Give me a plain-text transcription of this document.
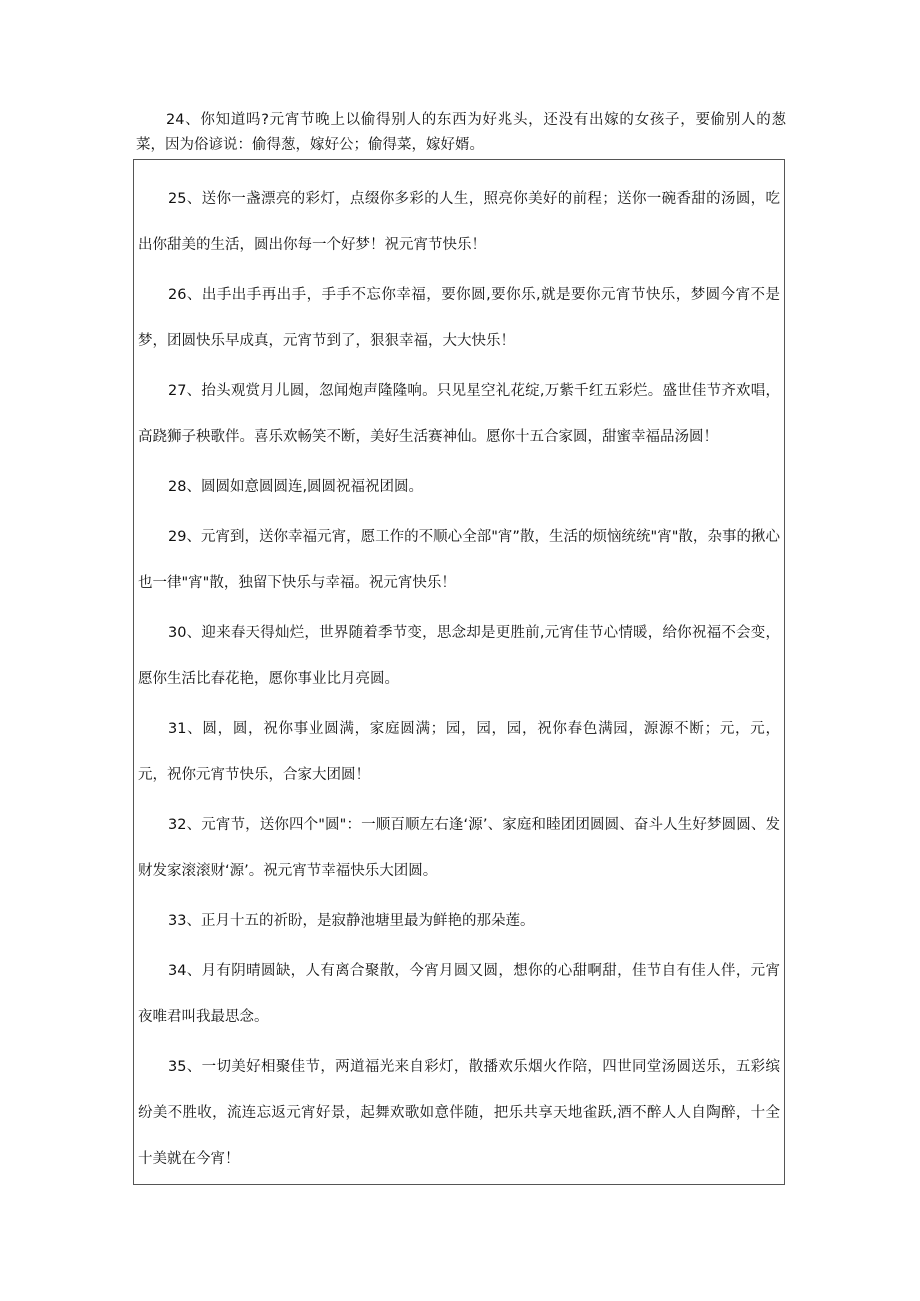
24、你知道吗?元宵节晚上以偷得别人的东西为好兆头，还没有出嫁的女孩子，要偷别人的葱菜，因为俗谚说：偷得葱，嫁好公；偷得菜，嫁好婿。

25、送你一盏漂亮的彩灯，点缀你多彩的人生，照亮你美好的前程；送你一碗香甜的汤圆，吃出你甜美的生活，圆出你每一个好梦！祝元宵节快乐！

26、出手出手再出手，手手不忘你幸福，要你圆,要你乐,就是要你元宵节快乐，梦圆今宵不是梦，团圆快乐早成真，元宵节到了，狠狠幸福，大大快乐！

27、抬头观赏月儿圆，忽闻炮声隆隆响。只见星空礼花绽,万紫千红五彩烂。盛世佳节齐欢唱，高跷狮子秧歌伴。喜乐欢畅笑不断，美好生活赛神仙。愿你十五合家圆，甜蜜幸福品汤圆！

28、圆圆如意圆圆连,圆圆祝福祝团圆。

29、元宵到，送你幸福元宵，愿工作的不顺心全部"宵”散，生活的烦恼统统"宵"散，杂事的揪心也一律"宵"散，独留下快乐与幸福。祝元宵快乐！

30、迎来春天得灿烂，世界随着季节变，思念却是更胜前,元宵佳节心情暖，给你祝福不会变，愿你生活比春花艳，愿你事业比月亮圆。

31、圆，圆，祝你事业圆满，家庭圆满；园，园，园，祝你春色满园，源源不断；元，元，元，祝你元宵节快乐，合家大团圆！

32、元宵节，送你四个"圆"：一顺百顺左右逢‘源’、家庭和睦团团圆圆、奋斗人生好梦圆圆、发财发家滚滚财‘源’。祝元宵节幸福快乐大团圆。

33、正月十五的祈盼，是寂静池塘里最为鲜艳的那朵莲。

34、月有阴晴圆缺，人有离合聚散，今宵月圆又圆，想你的心甜啊甜，佳节自有佳人伴，元宵夜唯君叫我最思念。

35、一切美好相聚佳节，两道福光来自彩灯，散播欢乐烟火作陪，四世同堂汤圆送乐，五彩缤纷美不胜收，流连忘返元宵好景，起舞欢歌如意伴随，把乐共享天地雀跃,酒不醉人人自陶醉，十全十美就在今宵！
